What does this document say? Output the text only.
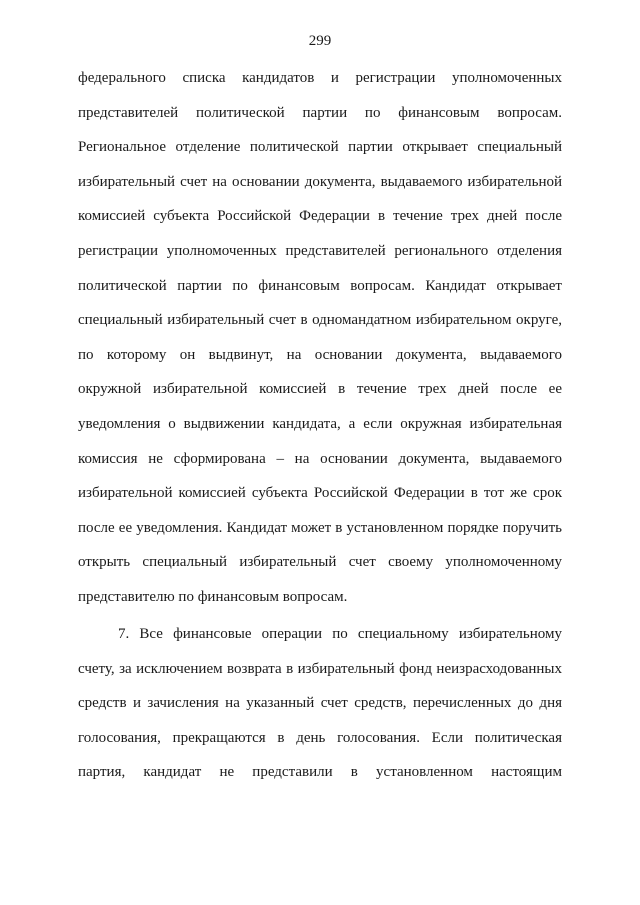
299
федерального списка кандидатов и регистрации уполномоченных
представителей политической партии по финансовым вопросам.
Региональное отделение политической партии открывает специальный
избирательный счет на основании документа, выдаваемого избирательной
комиссией субъекта Российской Федерации в течение трех дней после
регистрации уполномоченных представителей регионального отделения
политической партии по финансовым вопросам. Кандидат открывает
специальный избирательный счет в одномандатном избирательном округе,
по которому он выдвинут, на основании документа, выдаваемого
окружной избирательной комиссией в течение трех дней после ее
уведомления о выдвижении кандидата, а если окружная избирательная
комиссия не сформирована – на основании документа, выдаваемого
избирательной комиссией субъекта Российской Федерации в тот же срок
после ее уведомления. Кандидат может в установленном порядке поручить
открыть специальный избирательный счет своему уполномоченному
представителю по финансовым вопросам.
7. Все финансовые операции по специальному избирательному
счету, за исключением возврата в избирательный фонд неизрасходованных
средств и зачисления на указанный счет средств, перечисленных до дня
голосования, прекращаются в день голосования. Если политическая
партия, кандидат не представили в установленном настоящим
